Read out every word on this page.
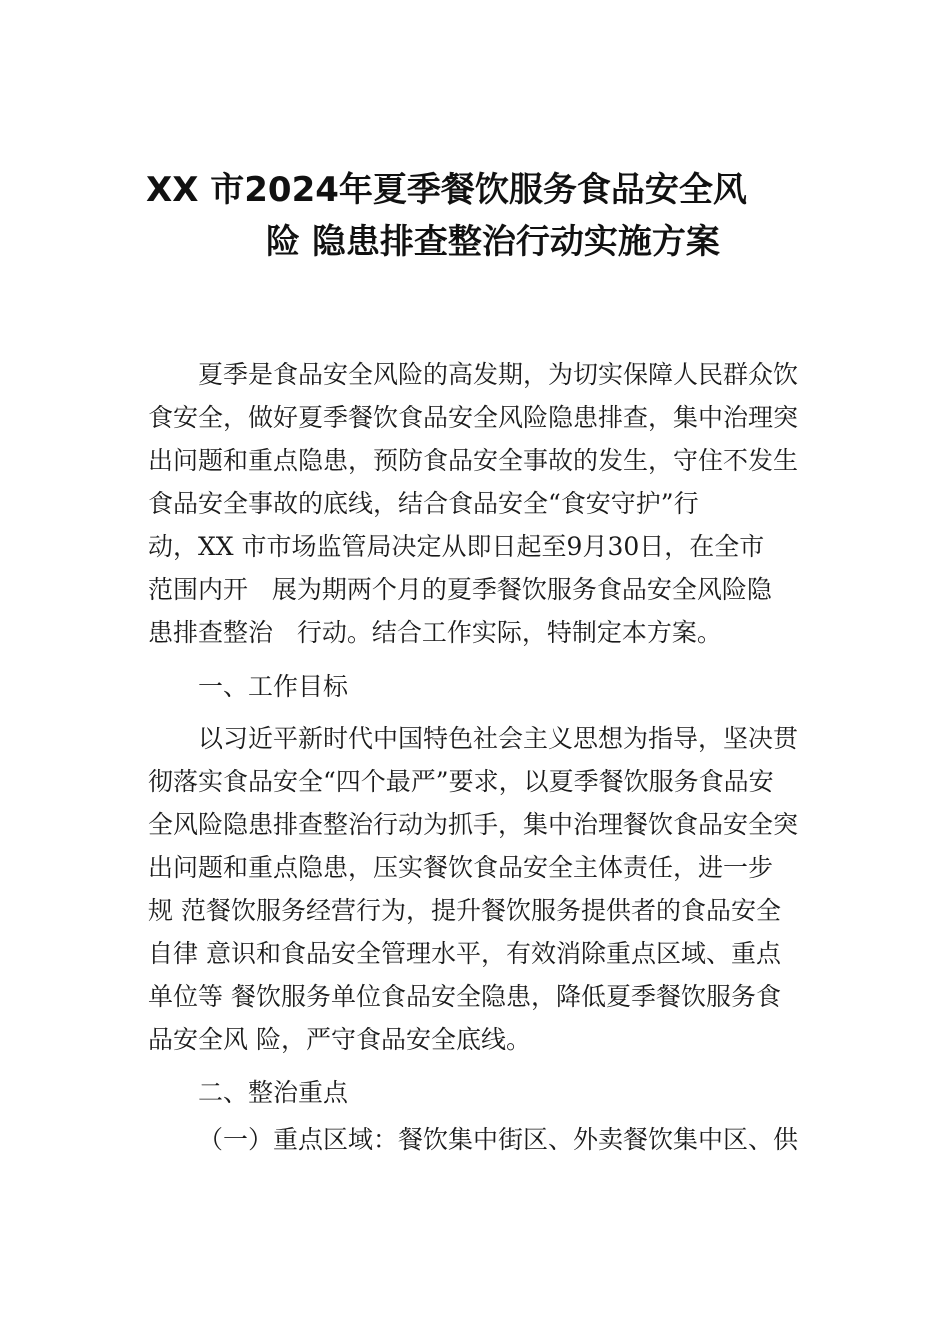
XX 市2024年夏季餐饮服务食品安全风
险 隐患排查整治行动实施方案
夏季是食品安全风险的高发期，为切实保障人民群众饮
食安全，做好夏季餐饮食品安全风险隐患排查，集中治理突
出问题和重点隐患，预防食品安全事故的发生，守住不发生
食品安全事故的底线，结合食品安全“食安守护”行
动，XX 市市场监管局决定从即日起至9月30日，在全市
范围内开   展为期两个月的夏季餐饮服务食品安全风险隐
患排查整治   行动。结合工作实际，特制定本方案。
一、工作目标
以习近平新时代中国特色社会主义思想为指导，坚决贯
彻落实食品安全“四个最严”要求，以夏季餐饮服务食品安
全风险隐患排查整治行动为抓手，集中治理餐饮食品安全突
出问题和重点隐患，压实餐饮食品安全主体责任，进一步
规 范餐饮服务经营行为，提升餐饮服务提供者的食品安全
自律 意识和食品安全管理水平，有效消除重点区域、重点
单位等 餐饮服务单位食品安全隐患，降低夏季餐饮服务食
品安全风 险，严守食品安全底线。
二、整治重点
（一）重点区域：餐饮集中街区、外卖餐饮集中区、供
